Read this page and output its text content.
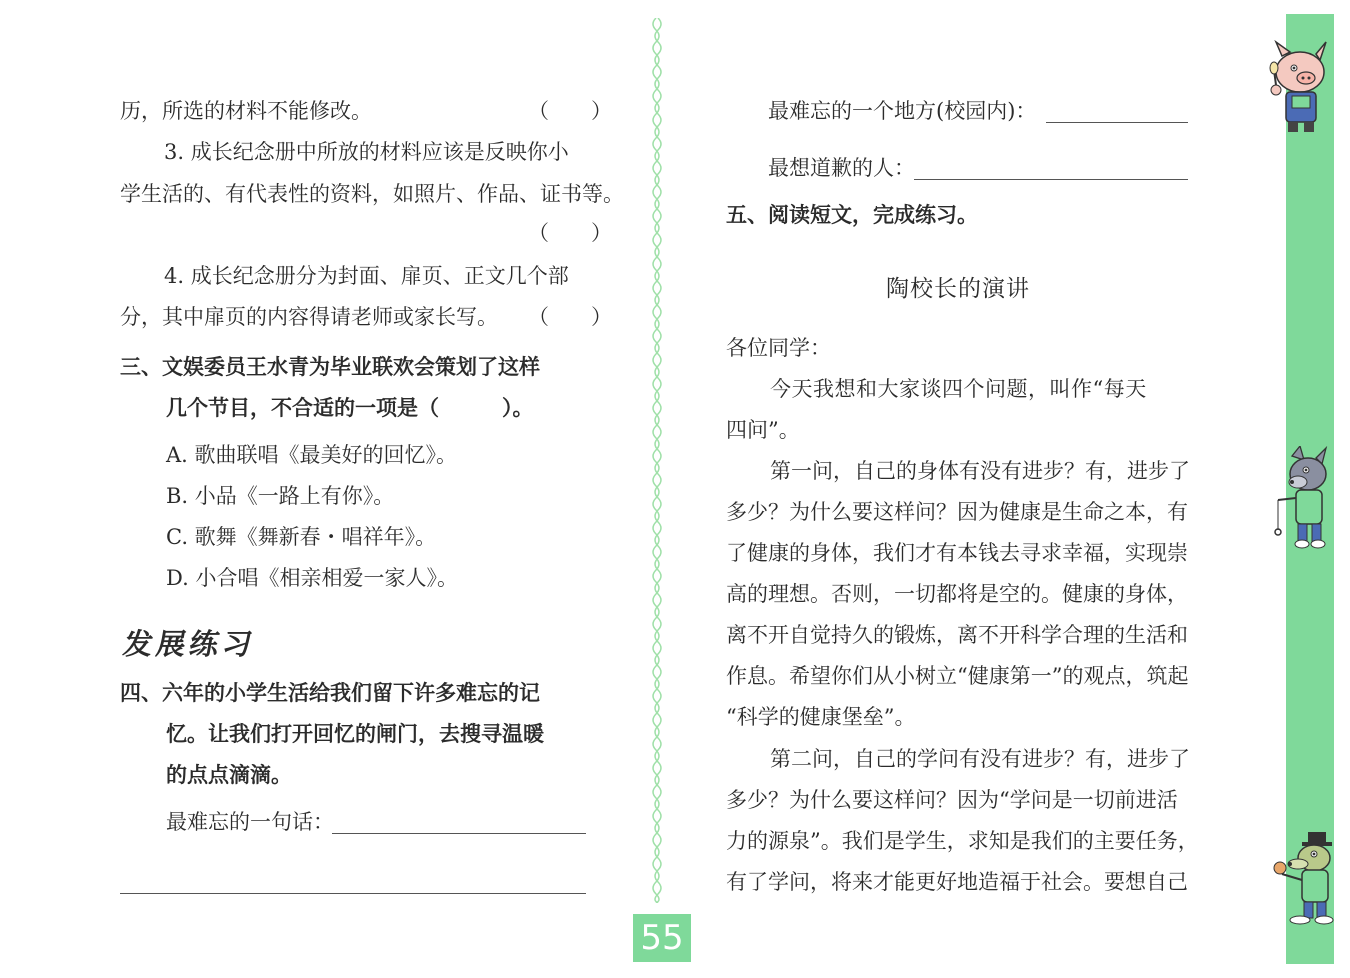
历，所选的材料不能修改。	（　　）
3. 成长纪念册中所放的材料应该是反映你小
学生活的、有代表性的资料，如照片、作品、证书等。
（　　）
4. 成长纪念册分为封面、扉页、正文几个部
分，其中扉页的内容得请老师或家长写。 （　　）
三、文娱委员王水青为毕业联欢会策划了这样
几个节目，不合适的一项是（　　　）。
A. 歌曲联唱《最美好的回忆》。
B. 小品《一路上有你》。
C. 歌舞《舞新春・唱祥年》。
D. 小合唱《相亲相爱一家人》。
发展练习
四、六年的小学生活给我们留下许多难忘的记
忆。让我们打开回忆的闸门，去搜寻温暖
的点点滴滴。
最难忘的一句话：
55
最难忘的一个地方(校园内)：
最想道歉的人：
五、阅读短文，完成练习。
陶校长的演讲
各位同学：
今天我想和大家谈四个问题，叫作“每天
四问”。
第一问，自己的身体有没有进步？有，进步了
多少？为什么要这样问？因为健康是生命之本，有
了健康的身体，我们才有本钱去寻求幸福，实现崇
高的理想。否则，一切都将是空的。健康的身体，
离不开自觉持久的锻炼，离不开科学合理的生活和
作息。希望你们从小树立“健康第一”的观点，筑起
“科学的健康堡垒”。
第二问，自己的学问有没有进步？有，进步了
多少？为什么要这样问？因为“学问是一切前进活
力的源泉”。我们是学生，求知是我们的主要任务，
有了学问，将来才能更好地造福于社会。要想自己
